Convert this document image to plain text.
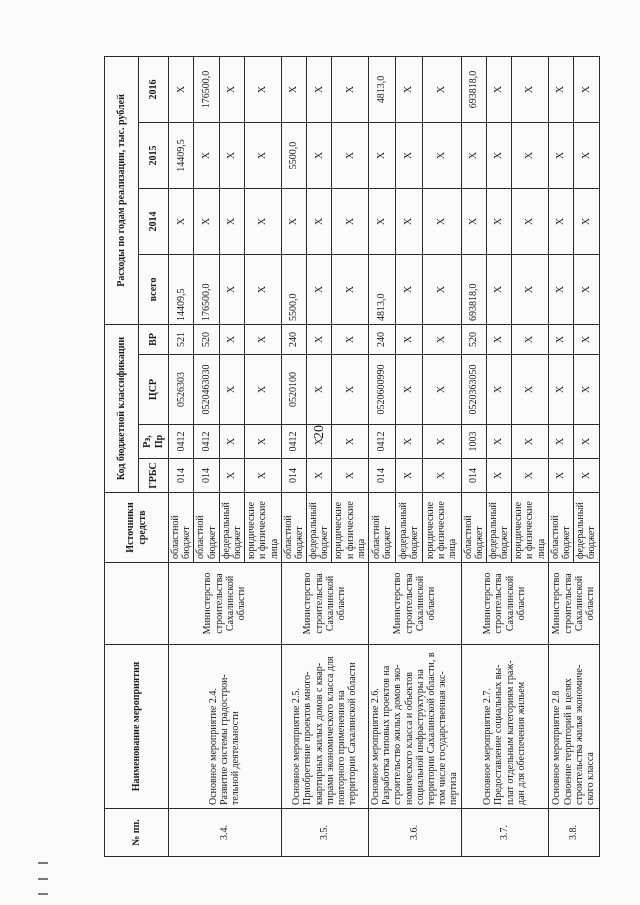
20
№ пп.	Наименование мероприятия		Источники средств	Код бюджетной классификации				Расходы по годам реализации, тыс. рублей			
				ГРБС	Рз, Пр	ЦСР	ВР	всего	2014	2015	2016
3.4.	Основное мероприятие 2.4. Развитие системы градострои-тельной деятельности	Министерство строительства Сахалинской области	областной бюджет	014	0412	0526303	521	14409,5	X	14409,5	X
			областной бюджет	014	0412	0520463030	520	176500,0	X	X	176500,0
			федеральный бюджет	X	X	X	X	X	X	X	X
			юридические и физические лица	X	X	X	X	X	X	X	X
3.5.	Основное мероприятие 2.5. Приобретение проектов много-квартирных жилых домов с квар-тирами экономического класса для повторного применения на территории Сахалинской области	Министерство строительства Сахалинской области	областной бюджет	014	0412	0520100	240	5500,0	X	5500,0	X
			федеральный бюджет	X	X	X	X	X	X	X	X
			юридические и физические лица	X	X	X	X	X	X	X	X
3.6.	Основное мероприятие 2.6. Разработка типовых проектов на строительство жилых домов эко-номического класса и объектов социальной инфраструктуры на территории Сахалинской области, в том числе государственная экс-пертиза	Министерство строительства Сахалинской области	областной бюджет	014	0412	0520600990	240	4813,0	X	X	4813,0
			федеральный бюджет	X	X	X	X	X	X	X	X
			юридические и физические лица	X	X	X	X	X	X	X	X
3.7.	Основное мероприятие 2.7. Предоставление социальных вы-плат отдельным категориям граж-дан для обеспечения жильем	Министерство строительства Сахалинской области	областной бюджет	014	1003	0520363050	520	693818,0	X	X	693818,0
			федеральный бюджет	X	X	X	X	X	X	X	X
			юридические и физические лица	X	X	X	X	X	X	X	X
3.8.	Основное мероприятие 2.8 Освоение территорий в целях строительства жилья экономиче-ского класса	Министерство строительства Сахалинской области	областной бюджет	X	X	X	X	X	X	X	X
			федеральный бюджет	X	X	X	X	X	X	X	X
